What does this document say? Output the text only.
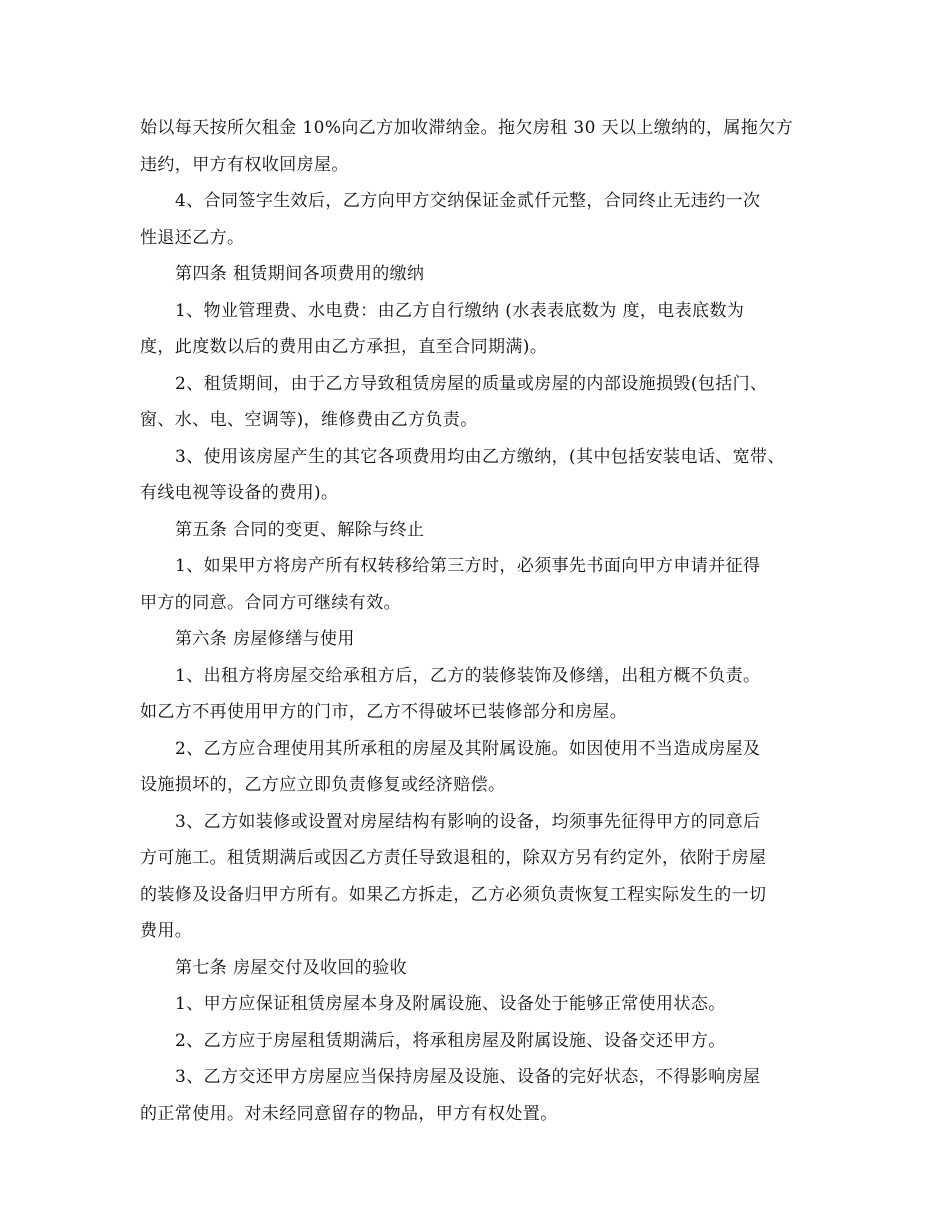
始以每天按所欠租金 10%向乙方加收滞纳金。拖欠房租 30 天以上缴纳的，属拖欠方
违约，甲方有权收回房屋。
4、合同签字生效后，乙方向甲方交纳保证金贰仟元整，合同终止无违约一次
性退还乙方。
第四条 租赁期间各项费用的缴纳
1、物业管理费、水电费：由乙方自行缴纳 (水表表底数为 度，电表底数为
度，此度数以后的费用由乙方承担，直至合同期满)。
2、租赁期间，由于乙方导致租赁房屋的质量或房屋的内部设施损毁(包括门、
窗、水、电、空调等)，维修费由乙方负责。
3、使用该房屋产生的其它各项费用均由乙方缴纳，(其中包括安装电话、宽带、
有线电视等设备的费用)。
第五条 合同的变更、解除与终止
1、如果甲方将房产所有权转移给第三方时，必须事先书面向甲方申请并征得
甲方的同意。合同方可继续有效。
第六条 房屋修缮与使用
1、出租方将房屋交给承租方后，乙方的装修装饰及修缮，出租方概不负责。
如乙方不再使用甲方的门市，乙方不得破坏已装修部分和房屋。
2、乙方应合理使用其所承租的房屋及其附属设施。如因使用不当造成房屋及
设施损坏的，乙方应立即负责修复或经济赔偿。
3、乙方如装修或设置对房屋结构有影响的设备，均须事先征得甲方的同意后
方可施工。租赁期满后或因乙方责任导致退租的，除双方另有约定外，依附于房屋
的装修及设备归甲方所有。如果乙方拆走，乙方必须负责恢复工程实际发生的一切
费用。
第七条 房屋交付及收回的验收
1、甲方应保证租赁房屋本身及附属设施、设备处于能够正常使用状态。
2、乙方应于房屋租赁期满后，将承租房屋及附属设施、设备交还甲方。
3、乙方交还甲方房屋应当保持房屋及设施、设备的完好状态，不得影响房屋
的正常使用。对未经同意留存的物品，甲方有权处置。
